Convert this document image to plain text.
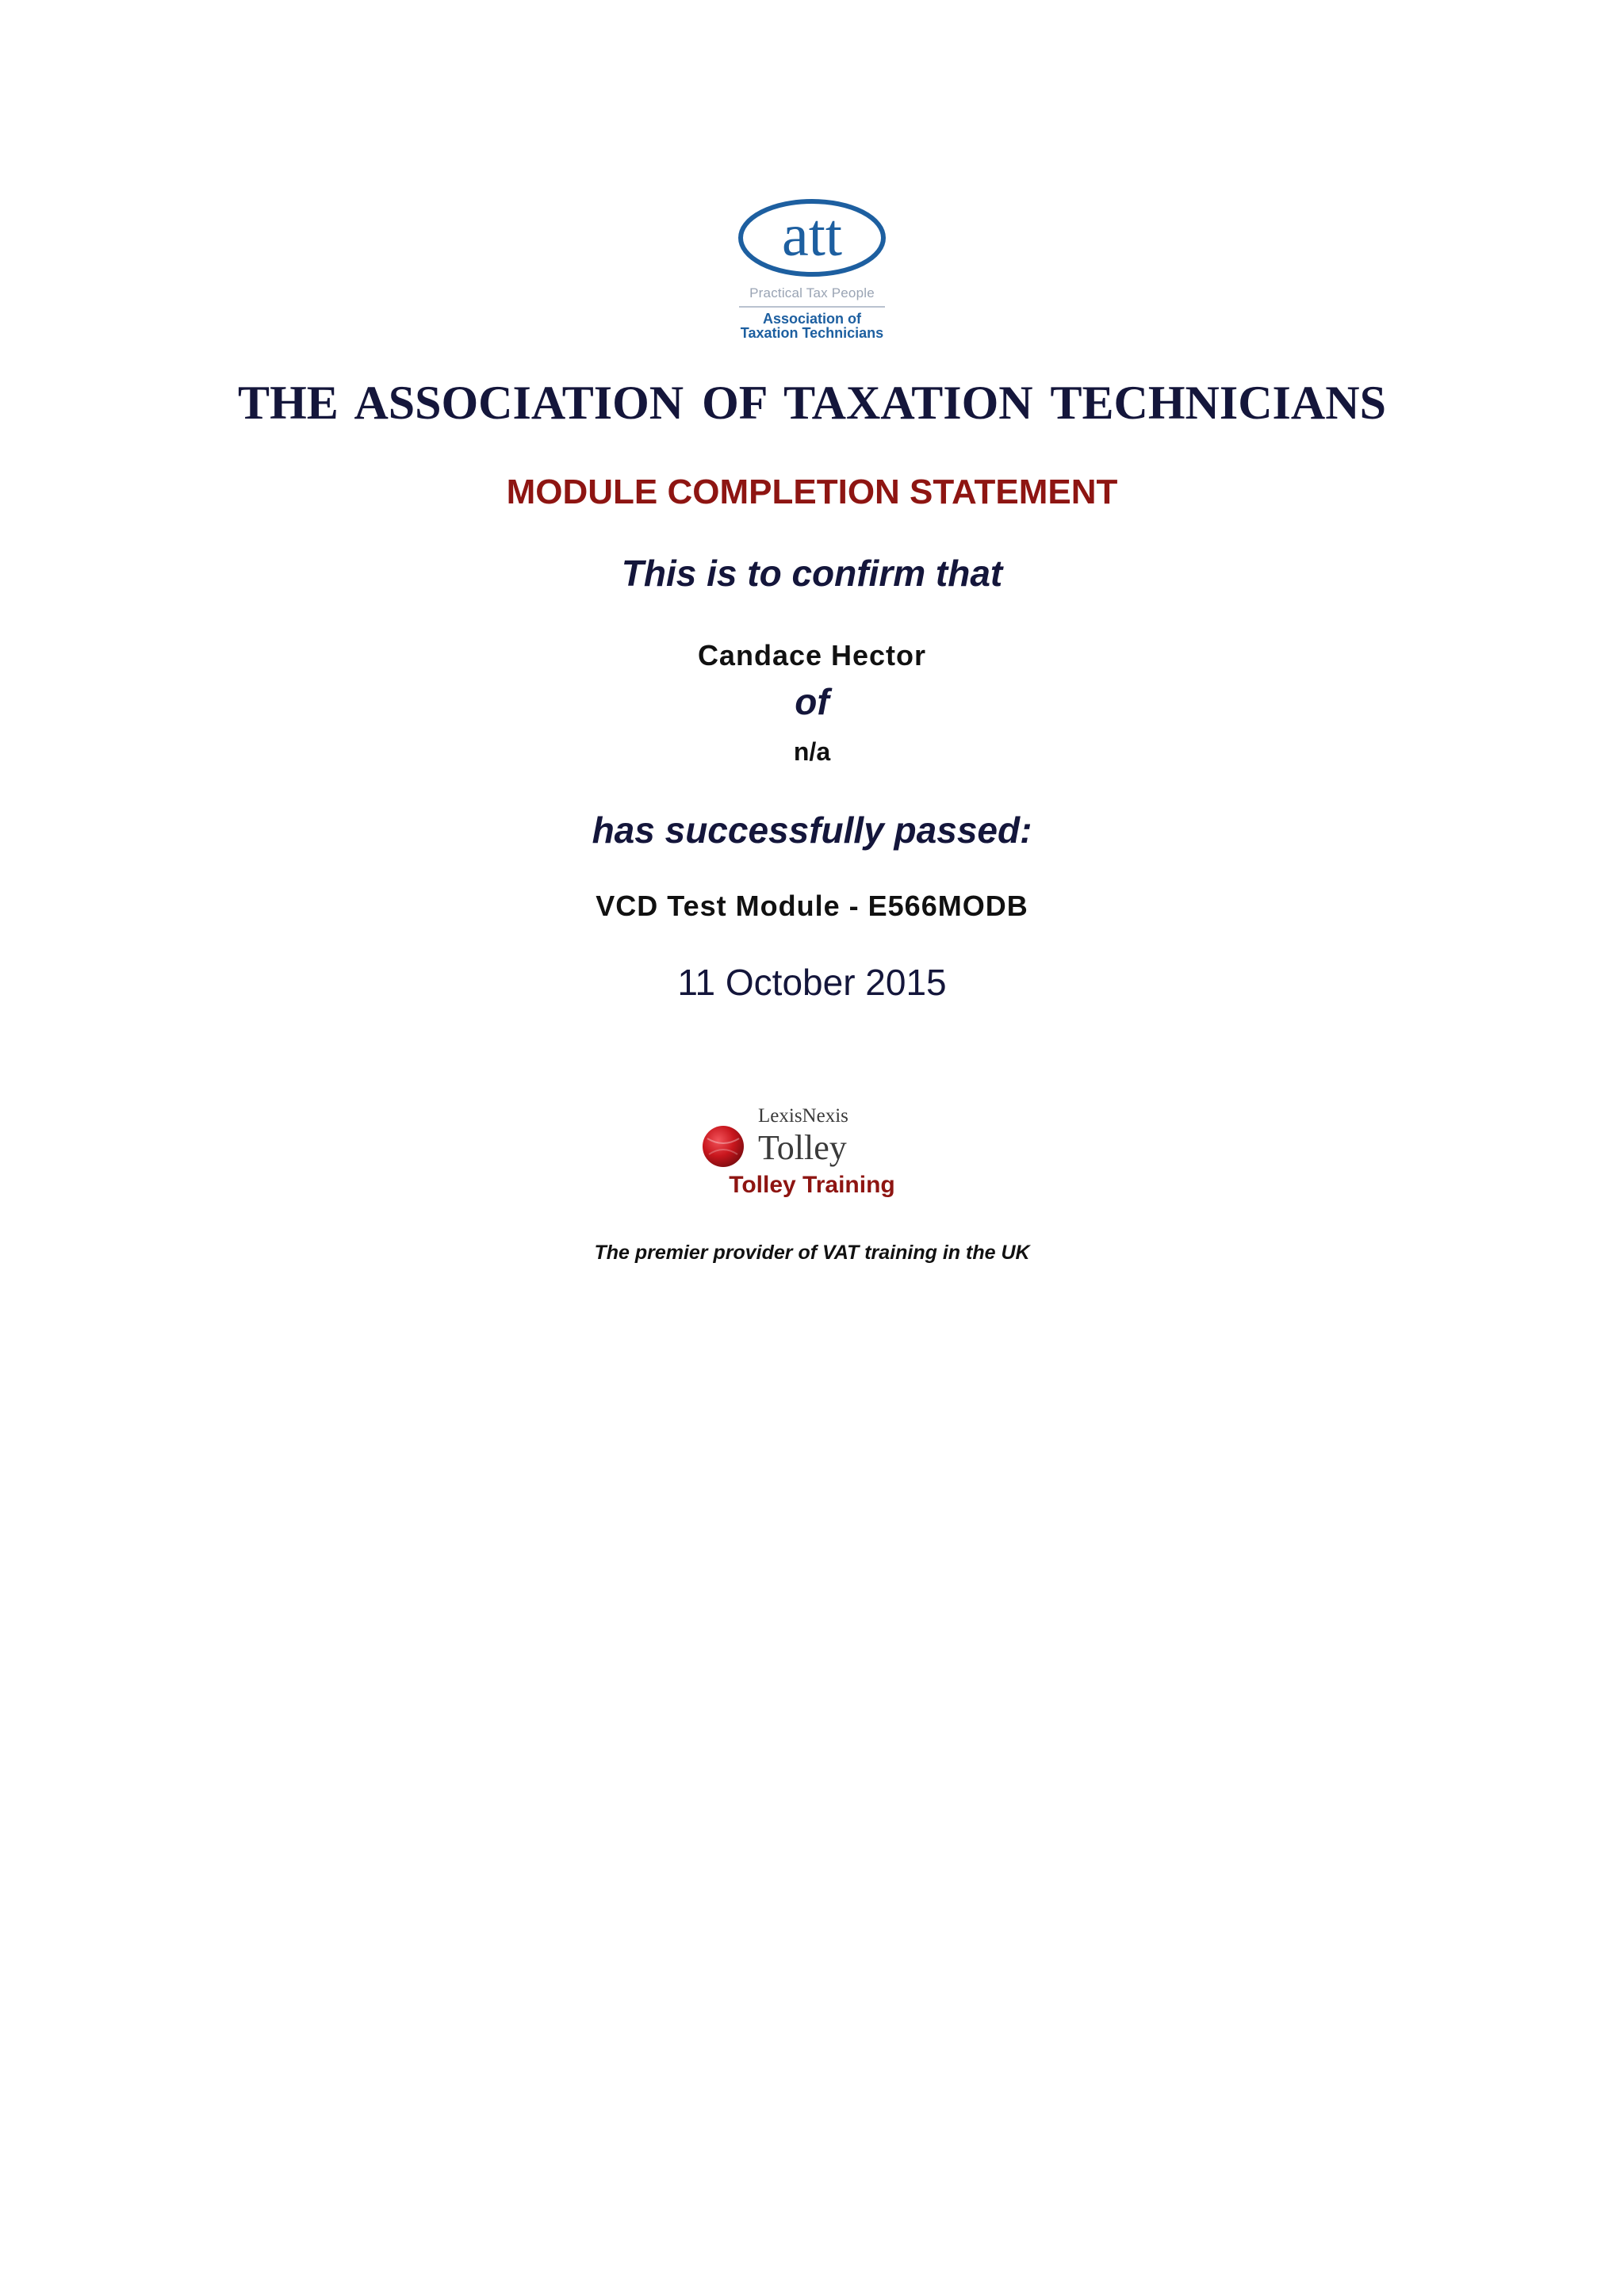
att
Practical Tax People
Association of
Taxation Technicians
THE ASSOCIATION OF TAXATION TECHNICIANS
MODULE COMPLETION STATEMENT
This is to confirm that
Candace Hector
of
n/a
has successfully passed:
VCD Test Module - E566MODB
11 October 2015
LexisNexis
Tolley
Tolley Training
The premier provider of VAT training in the UK
